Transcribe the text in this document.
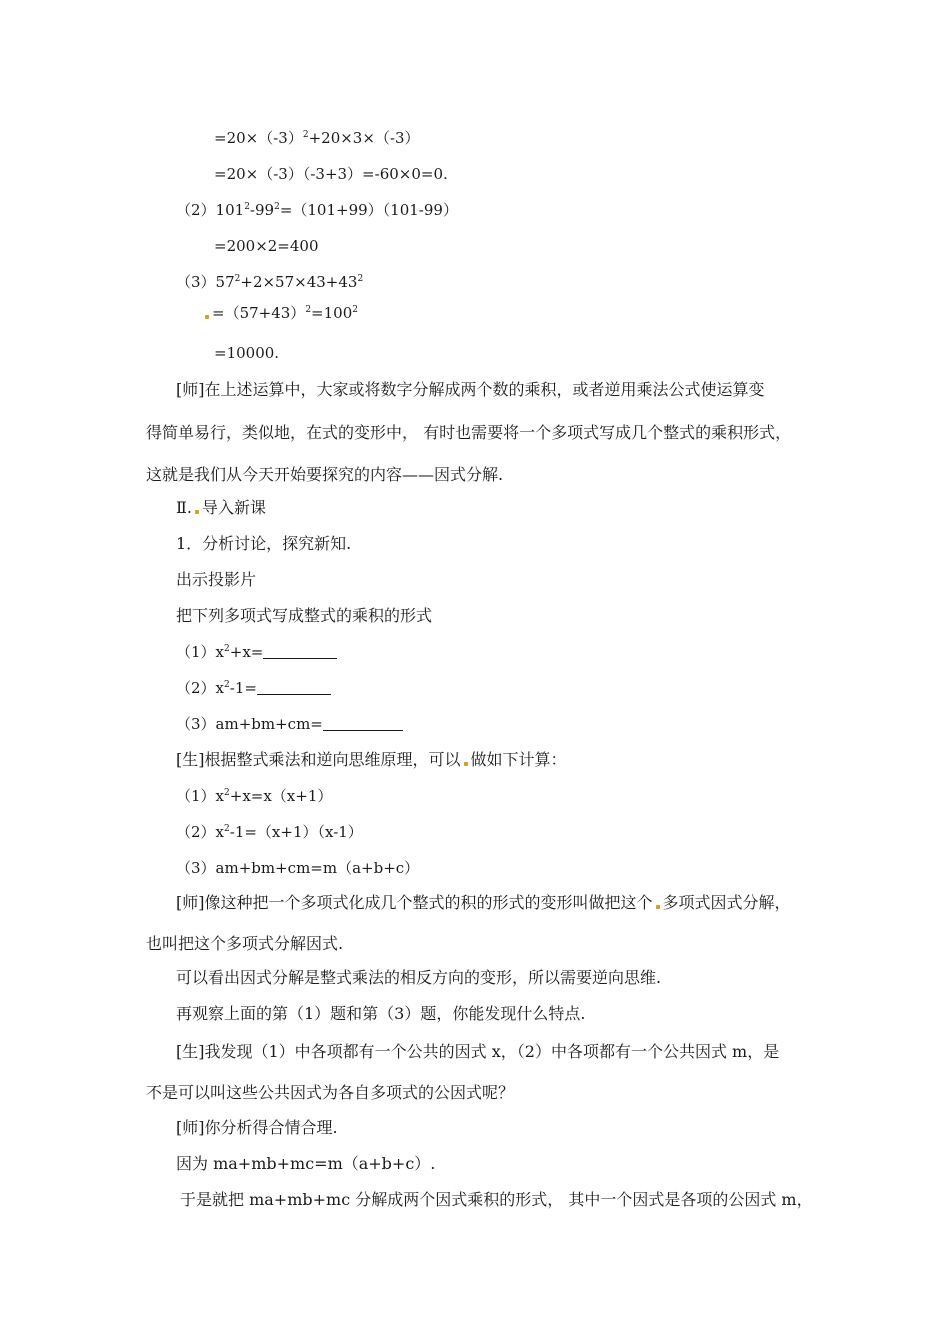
$=20\times(-3)^2+20\times 3\times(-3)$
=20×（-3）（-3+3）=-60×0=0.
$(2)101^2-99^2=(101+99)(101-99)$
=200×2=400
$(3)57^2+2\times 57\times 43+43^2$
$=(57+43)^2=100^2$
=10000.
[师]在上述运算中，大家或将数字分解成两个数的乘积，或者逆用乘法公式使运算变
得简单易行，类似地，在式的变形中， 有时也需要将一个多项式写成几个整式的乘积形式，
这就是我们从今天开始要探究的内容——因式分解.
Ⅱ. 导入新课
1．分析讨论，探究新知.
出示投影片
把下列多项式写成整式的乘积的形式
$(1)x^2+x=$
$(2)x^2-1=$
（3）am+bm+cm=
[生]根据整式乘法和逆向思维原理，可以 做如下计算：
$(1)x^2+x=x(x+1)$
$(2)x^2-1=(x+1)(x-1)$
（3）am+bm+cm=m（a+b+c）
[师]像这种把一个多项式化成几个整式的积的形式的变形叫做把这个 多项式因式分解，
也叫把这个多项式分解因式.
可以看出因式分解是整式乘法的相反方向的变形，所以需要逆向思维.
再观察上面的第（1）题和第（3）题，你能发现什么特点.
[生]我发现（1）中各项都有一个公共的因式 x，（2）中各项都有一个公共因式 m，是
不是可以叫这些公共因式为各自多项式的公因式呢？
[师]你分析得合情合理.
因为 ma+mb+mc=m（a+b+c）.
于是就把 ma+mb+mc 分解成两个因式乘积的形式， 其中一个因式是各项的公因式 m，
